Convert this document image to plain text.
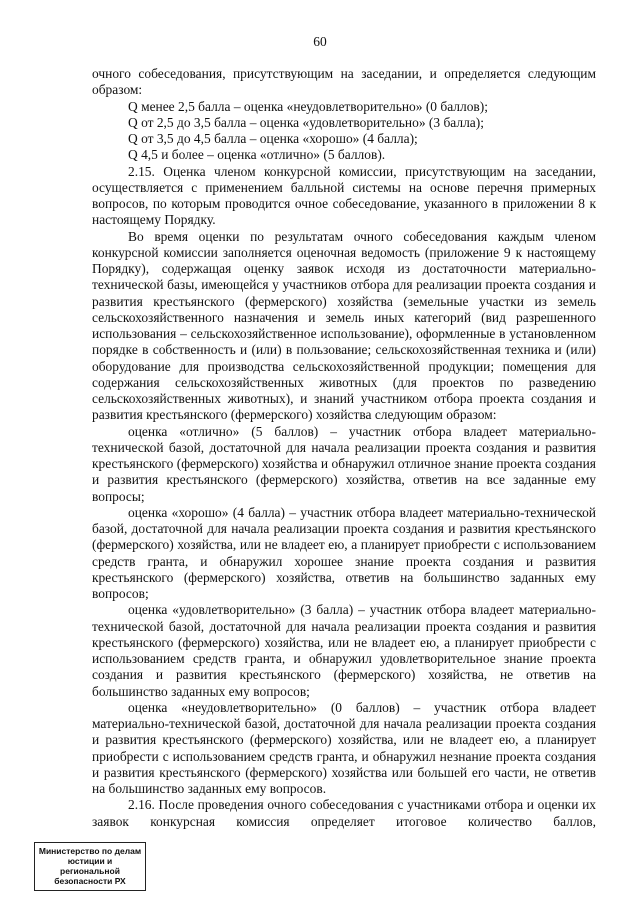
60

очного собеседования, присутствующим на заседании, и определяется следующим образом:

Q менее 2,5 балла – оценка «неудовлетворительно» (0 баллов);

Q от 2,5 до 3,5 балла – оценка «удовлетворительно» (3 балла);

Q от 3,5 до 4,5 балла – оценка «хорошо» (4 балла);

Q 4,5 и более – оценка «отлично» (5 баллов).

2.15. Оценка членом конкурсной комиссии, присутствующим на заседании, осуществляется с применением балльной системы на основе перечня примерных вопросов, по которым проводится очное собеседование, указанного в приложении 8 к настоящему Порядку.

Во время оценки по результатам очного собеседования каждым членом конкурсной комиссии заполняется оценочная ведомость (приложение 9 к настоящему Порядку), содержащая оценку заявок исходя из достаточности материально-технической базы, имеющейся у участников отбора для реализации проекта создания и развития крестьянского (фермерского) хозяйства (земельные участки из земель сельскохозяйственного назначения и земель иных категорий (вид разрешенного использования – сельскохозяйственное использование), оформленные в установленном порядке в собственность и (или) в пользование; сельскохозяйственная техника и (или) оборудование для производства сельскохозяйственной продукции; помещения для содержания сельскохозяйственных животных (для проектов по разведению сельскохозяйственных животных), и знаний участником отбора проекта создания и развития крестьянского (фермерского) хозяйства следующим образом:

оценка «отлично» (5 баллов) – участник отбора владеет материально-технической базой, достаточной для начала реализации проекта создания и развития крестьянского (фермерского) хозяйства и обнаружил отличное знание проекта создания и развития крестьянского (фермерского) хозяйства, ответив на все заданные ему вопросы;

оценка «хорошо» (4 балла) – участник отбора владеет материально-технической базой, достаточной для начала реализации проекта создания и развития крестьянского (фермерского) хозяйства, или не владеет ею, а планирует приобрести с использованием средств гранта, и обнаружил хорошее знание проекта создания и развития крестьянского (фермерского) хозяйства, ответив на большинство заданных ему вопросов;

оценка «удовлетворительно» (3 балла) – участник отбора владеет материально-технической базой, достаточной для начала реализации проекта создания и развития крестьянского (фермерского) хозяйства, или не владеет ею, а планирует приобрести с использованием средств гранта, и обнаружил удовлетворительное знание проекта создания и развития крестьянского (фермерского) хозяйства, не ответив на большинство заданных ему вопросов;

оценка «неудовлетворительно» (0 баллов) – участник отбора владеет материально-технической базой, достаточной для начала реализации проекта создания и развития крестьянского (фермерского) хозяйства, или не владеет ею, а планирует приобрести с использованием средств гранта, и обнаружил незнание проекта создания и развития крестьянского (фермерского) хозяйства или большей его части, не ответив на большинство заданных ему вопросов.

2.16. После проведения очного собеседования с участниками отбора и оценки их заявок конкурсная комиссия определяет итоговое количество баллов,

Министерство по делам
юстиции и региональной
безопасности РХ
